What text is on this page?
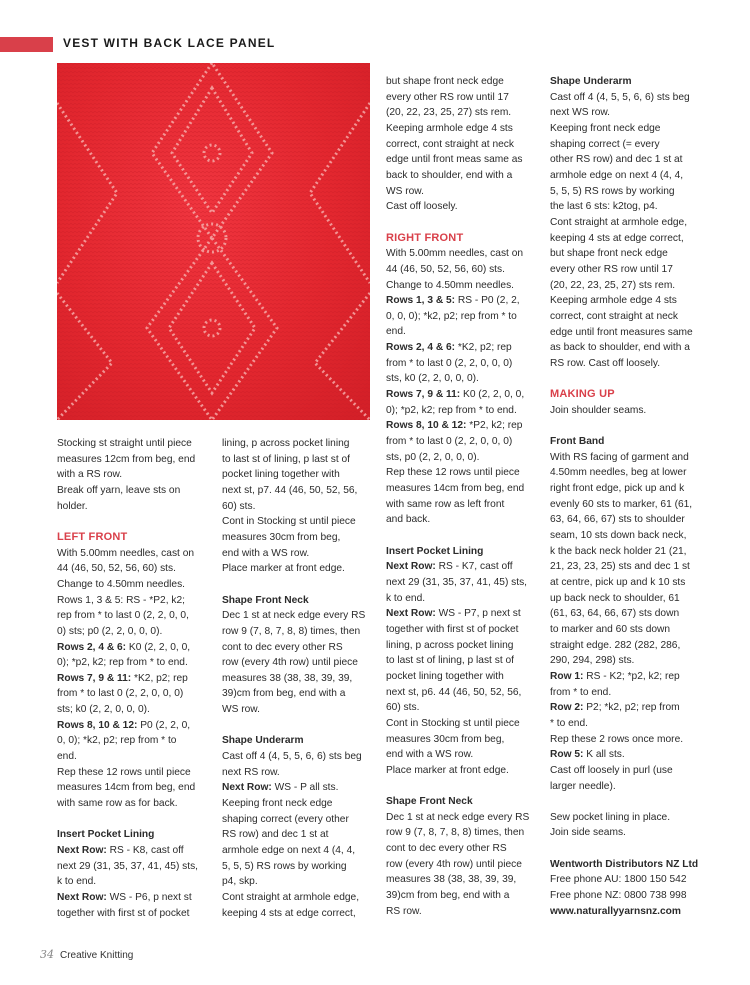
VEST WITH BACK LACE PANEL

Stocking st straight until piece
measures 12cm from beg, end
with a RS row.

Break off yarn, leave sts on
holder.

LEFT FRONT

With 5.00mm needles, cast on
44 (46, 50, 52, 56, 60) sts.
Change to 4.50mm needles.
Rows 1, 3 & 5: RS - *P2, k2;
rep from * to last 0 (2, 2, 0, 0,
0) sts; p0 (2, 2, 0, 0, 0).

Rows 2, 4 & 6: K0 (2, 2, 0, 0,
0); *p2, k2; rep from * to end.

Rows 7, 9 & 11: *K2, p2; rep
from * to last 0 (2, 2, 0, 0, 0)
sts; k0 (2, 2, 0, 0, 0).

Rows 8, 10 & 12: P0 (2, 2, 0,
0, 0); *k2, p2; rep from * to
end.

Rep these 12 rows until piece
measures 14cm from beg, end
with same row as for back.

Insert Pocket Lining

Next Row: RS - K8, cast off
next 29 (31, 35, 37, 41, 45) sts,
k to end.

Next Row: WS - P6, p next st
together with first st of pocket

lining, p across pocket lining
to last st of lining, p last st of
pocket lining together with
next st, p7. 44 (46, 50, 52, 56,
60) sts.

Cont in Stocking st until piece
measures 30cm from beg,
end with a WS row.

Place marker at front edge.

Shape Front Neck

Dec 1 st at neck edge every RS
row 9 (7, 8, 7, 8, 8) times, then
cont to dec every other RS
row (every 4th row) until piece
measures 38 (38, 38, 39, 39,
39)cm from beg, end with a
WS row.

Shape Underarm

Cast off 4 (4, 5, 5, 6, 6) sts beg
next RS row.

Next Row: WS - P all sts.

Keeping front neck edge
shaping correct (every other
RS row) and dec 1 st at
armhole edge on next 4 (4, 4,
5, 5, 5) RS rows by working
p4, skp.

Cont straight at armhole edge,
keeping 4 sts at edge correct,

but shape front neck edge
every other RS row until 17
(20, 22, 23, 25, 27) sts rem.
Keeping armhole edge 4 sts
correct, cont straight at neck
edge until front meas same as
back to shoulder, end with a
WS row.
Cast off loosely.

RIGHT FRONT

With 5.00mm needles, cast on
44 (46, 50, 52, 56, 60) sts.
Change to 4.50mm needles.

Rows 1, 3 & 5: RS - P0 (2, 2,
0, 0, 0); *k2, p2; rep from * to
end.

Rows 2, 4 & 6: *K2, p2; rep
from * to last 0 (2, 2, 0, 0, 0)
sts, k0 (2, 2, 0, 0, 0).

Rows 7, 9 & 11: K0 (2, 2, 0, 0,
0); *p2, k2; rep from * to end.

Rows 8, 10 & 12: *P2, k2; rep
from * to last 0 (2, 2, 0, 0, 0)
sts, p0 (2, 2, 0, 0, 0).

Rep these 12 rows until piece
measures 14cm from beg, end
with same row as left front
and back.

Insert Pocket Lining

Next Row: RS - K7, cast off
next 29 (31, 35, 37, 41, 45) sts,
k to end.

Next Row: WS - P7, p next st
together with first st of pocket
lining, p across pocket lining
to last st of lining, p last st of
pocket lining together with
next st, p6. 44 (46, 50, 52, 56,
60) sts.

Cont in Stocking st until piece
measures 30cm from beg,
end with a WS row.
Place marker at front edge.

Shape Front Neck

Dec 1 st at neck edge every RS
row 9 (7, 8, 7, 8, 8) times, then
cont to dec every other RS
row (every 4th row) until piece
measures 38 (38, 38, 39, 39,
39)cm from beg, end with a
RS row.

Shape Underarm

Cast off 4 (4, 5, 5, 6, 6) sts beg
next WS row.
Keeping front neck edge
shaping correct (= every
other RS row) and dec 1 st at
armhole edge on next 4 (4, 4,
5, 5, 5) RS rows by working
the last 6 sts: k2tog, p4.
Cont straight at armhole edge,
keeping 4 sts at edge correct,
but shape front neck edge
every other RS row until 17
(20, 22, 23, 25, 27) sts rem.
Keeping armhole edge 4 sts
correct, cont straight at neck
edge until front measures same
as back to shoulder, end with a
RS row. Cast off loosely.

MAKING UP

Join shoulder seams.

Front Band

With RS facing of garment and
4.50mm needles, beg at lower
right front edge, pick up and k
evenly 60 sts to marker, 61 (61,
63, 64, 66, 67) sts to shoulder
seam, 10 sts down back neck,
k the back neck holder 21 (21,
21, 23, 23, 25) sts and dec 1 st
at centre, pick up and k 10 sts
up back neck to shoulder, 61
(61, 63, 64, 66, 67) sts down
to marker and 60 sts down
straight edge. 282 (282, 286,
290, 294, 298) sts.

Row 1: RS - K2; *p2, k2; rep
from * to end.

Row 2: P2; *k2, p2; rep from
* to end.

Rep these 2 rows once more.

Row 5: K all sts.

Cast off loosely in purl (use
larger needle).

Sew pocket lining in place.
Join side seams.

Wentworth Distributors NZ Ltd

Free phone AU: 1800 150 542
Free phone NZ: 0800 738 998

www.naturallyyarnsnz.com

34 Creative Knitting
